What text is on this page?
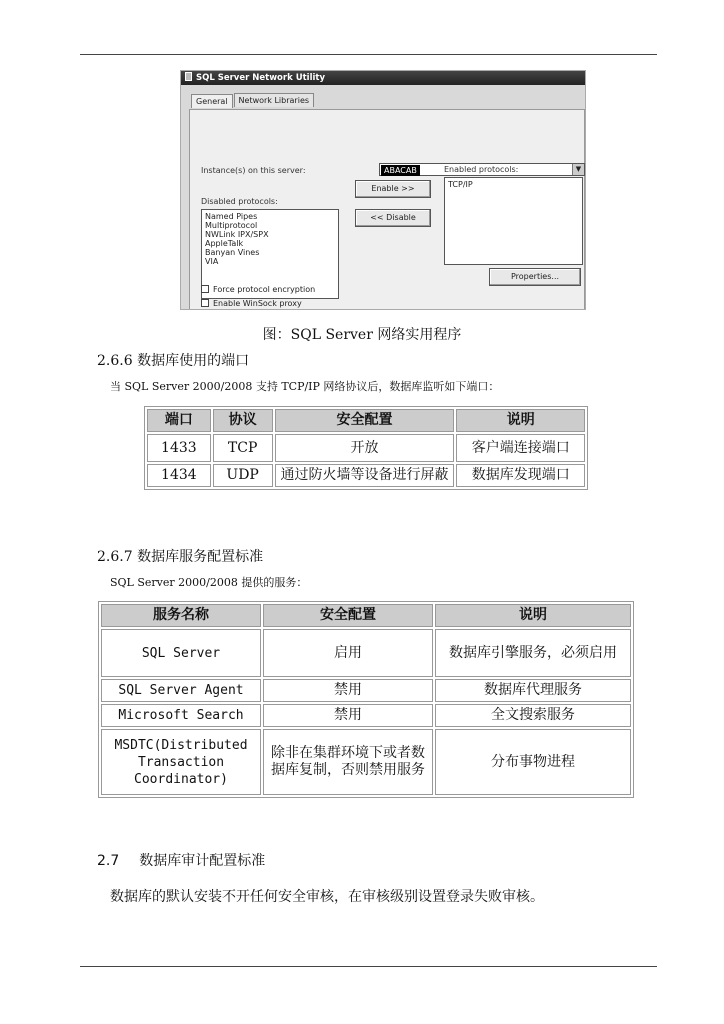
SQL Server Network Utility
General	Network Libraries
Instance(s) on this server:	ABACAB	▼
Disabled protocols:
Named Pipes
Multiprotocol
NWLink IPX/SPX
AppleTalk
Banyan Vines
VIA
Enable >>
<< Disable
Enabled protocols:
TCP/IP
Properties...
Force protocol encryption
Enable WinSock proxy
图：SQL Server 网络实用程序
2.6.6 数据库使用的端口
当 SQL Server 2000/2008 支持 TCP/IP 网络协议后，数据库监听如下端口：
端口	协议	安全配置	说明
1433	TCP	开放	客户端连接端口
1434	UDP	通过防火墙等设备进行屏蔽	数据库发现端口
2.6.7 数据库服务配置标准
SQL Server 2000/2008 提供的服务：
服务名称	安全配置	说明
SQL Server	启用	数据库引擎服务，必须启用
SQL Server Agent	禁用	数据库代理服务
Microsoft Search	禁用	全文搜索服务
MSDTC(Distributed Transaction Coordinator)	除非在集群环境下或者数据库复制，否则禁用服务	分布事物进程
2.7 数据库审计配置标准
数据库的默认安装不开任何安全审核，在审核级别设置登录失败审核。
